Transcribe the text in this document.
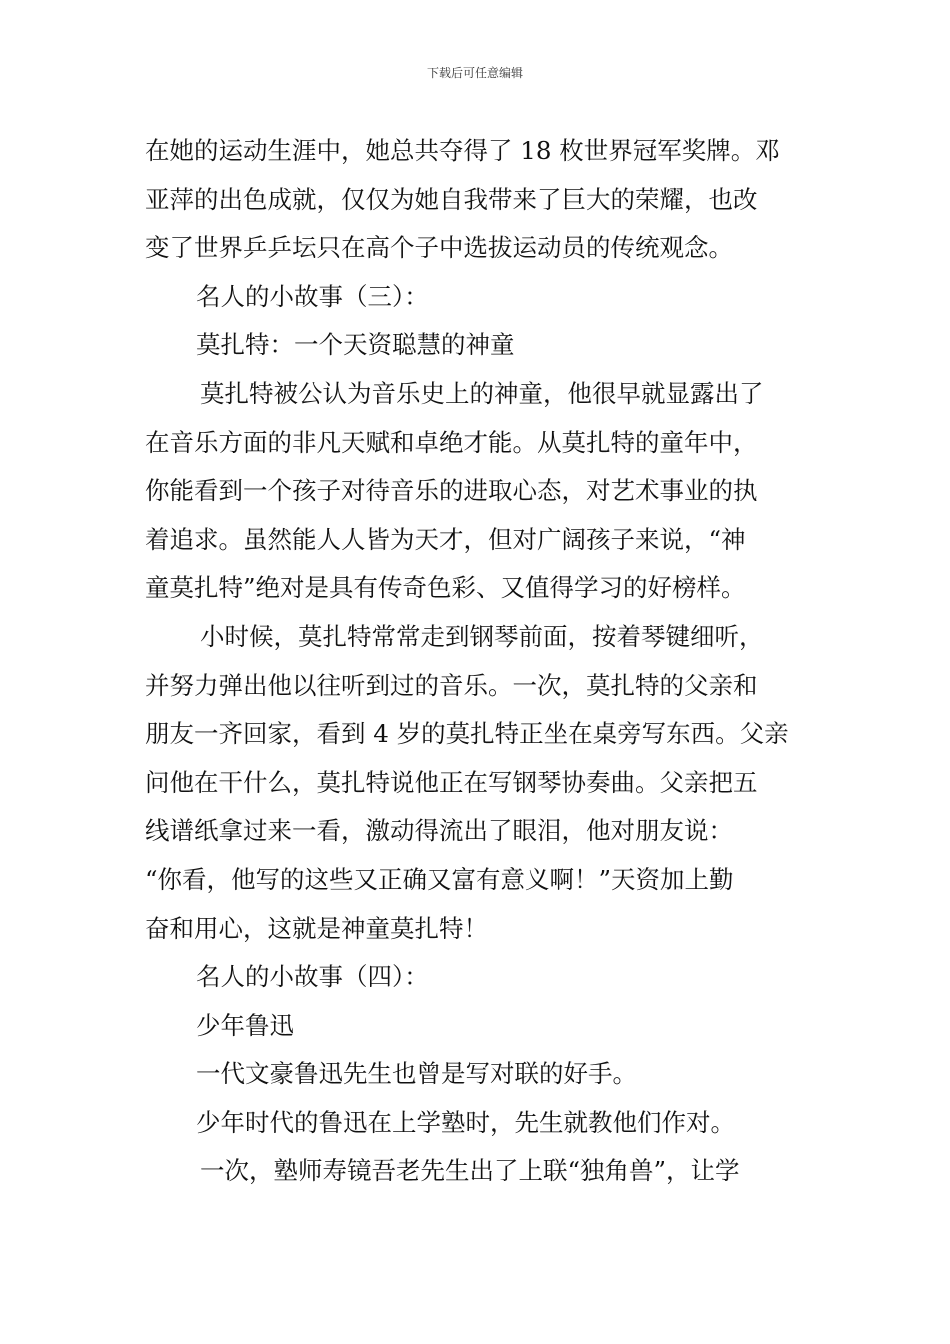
下载后可任意编辑
在她的运动生涯中，她总共夺得了 18 枚世界冠军奖牌。邓
亚萍的出色成就，仅仅为她自我带来了巨大的荣耀，也改
变了世界乒乒坛只在高个子中选拔运动员的传统观念。
名人的小故事（三）：
莫扎特：一个天资聪慧的神童
莫扎特被公认为音乐史上的神童，他很早就显露出了
在音乐方面的非凡天赋和卓绝才能。从莫扎特的童年中，
你能看到一个孩子对待音乐的进取心态，对艺术事业的执
着追求。虽然能人人皆为天才，但对广阔孩子来说，“神
童莫扎特”绝对是具有传奇色彩、又值得学习的好榜样。
小时候，莫扎特常常走到钢琴前面，按着琴键细听，
并努力弹出他以往听到过的音乐。一次，莫扎特的父亲和
朋友一齐回家，看到 4 岁的莫扎特正坐在桌旁写东西。父亲
问他在干什么，莫扎特说他正在写钢琴协奏曲。父亲把五
线谱纸拿过来一看，激动得流出了眼泪，他对朋友说：
“你看，他写的这些又正确又富有意义啊！”天资加上勤
奋和用心，这就是神童莫扎特！
名人的小故事（四）：
少年鲁迅
一代文豪鲁迅先生也曾是写对联的好手。
少年时代的鲁迅在上学塾时，先生就教他们作对。
一次，塾师寿镜吾老先生出了上联“独角兽”，让学
